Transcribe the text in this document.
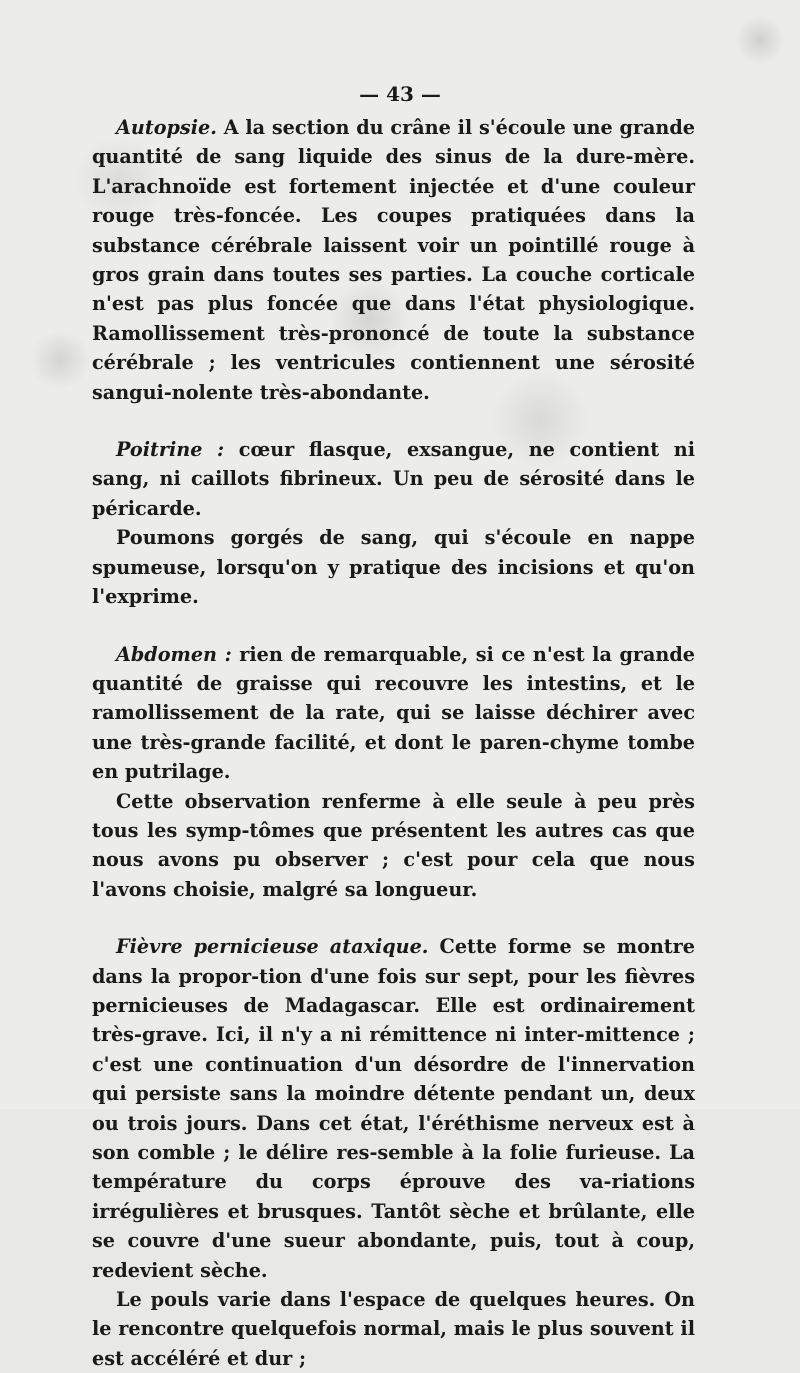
— 43 —

Autopsie. A la section du crâne il s'écoule une grande quantité de sang liquide des sinus de la dure-mère. L'arachnoïde est fortement injectée et d'une couleur rouge très-foncée. Les coupes pratiquées dans la substance cérébrale laissent voir un pointillé rouge à gros grain dans toutes ses parties. La couche corticale n'est pas plus foncée que dans l'état physiologique. Ramollissement très-prononcé de toute la substance cérébrale ; les ventricules contiennent une sérosité sangui-nolente très-abondante.

Poitrine : cœur flasque, exsangue, ne contient ni sang, ni caillots fibrineux. Un peu de sérosité dans le péricarde.

Poumons gorgés de sang, qui s'écoule en nappe spumeuse, lorsqu'on y pratique des incisions et qu'on l'exprime.

Abdomen : rien de remarquable, si ce n'est la grande quantité de graisse qui recouvre les intestins, et le ramollissement de la rate, qui se laisse déchirer avec une très-grande facilité, et dont le paren-chyme tombe en putrilage.

Cette observation renferme à elle seule à peu près tous les symp-tômes que présentent les autres cas que nous avons pu observer ; c'est pour cela que nous l'avons choisie, malgré sa longueur.

Fièvre pernicieuse ataxique. Cette forme se montre dans la propor-tion d'une fois sur sept, pour les fièvres pernicieuses de Madagascar. Elle est ordinairement très-grave. Ici, il n'y a ni rémittence ni inter-mittence ; c'est une continuation d'un désordre de l'innervation qui persiste sans la moindre détente pendant un, deux ou trois jours. Dans cet état, l'éréthisme nerveux est à son comble ; le délire res-semble à la folie furieuse. La température du corps éprouve des va-riations irrégulières et brusques. Tantôt sèche et brûlante, elle se couvre d'une sueur abondante, puis, tout à coup, redevient sèche.

Le pouls varie dans l'espace de quelques heures. On le rencontre quelquefois normal, mais le plus souvent il est accéléré et dur ;
